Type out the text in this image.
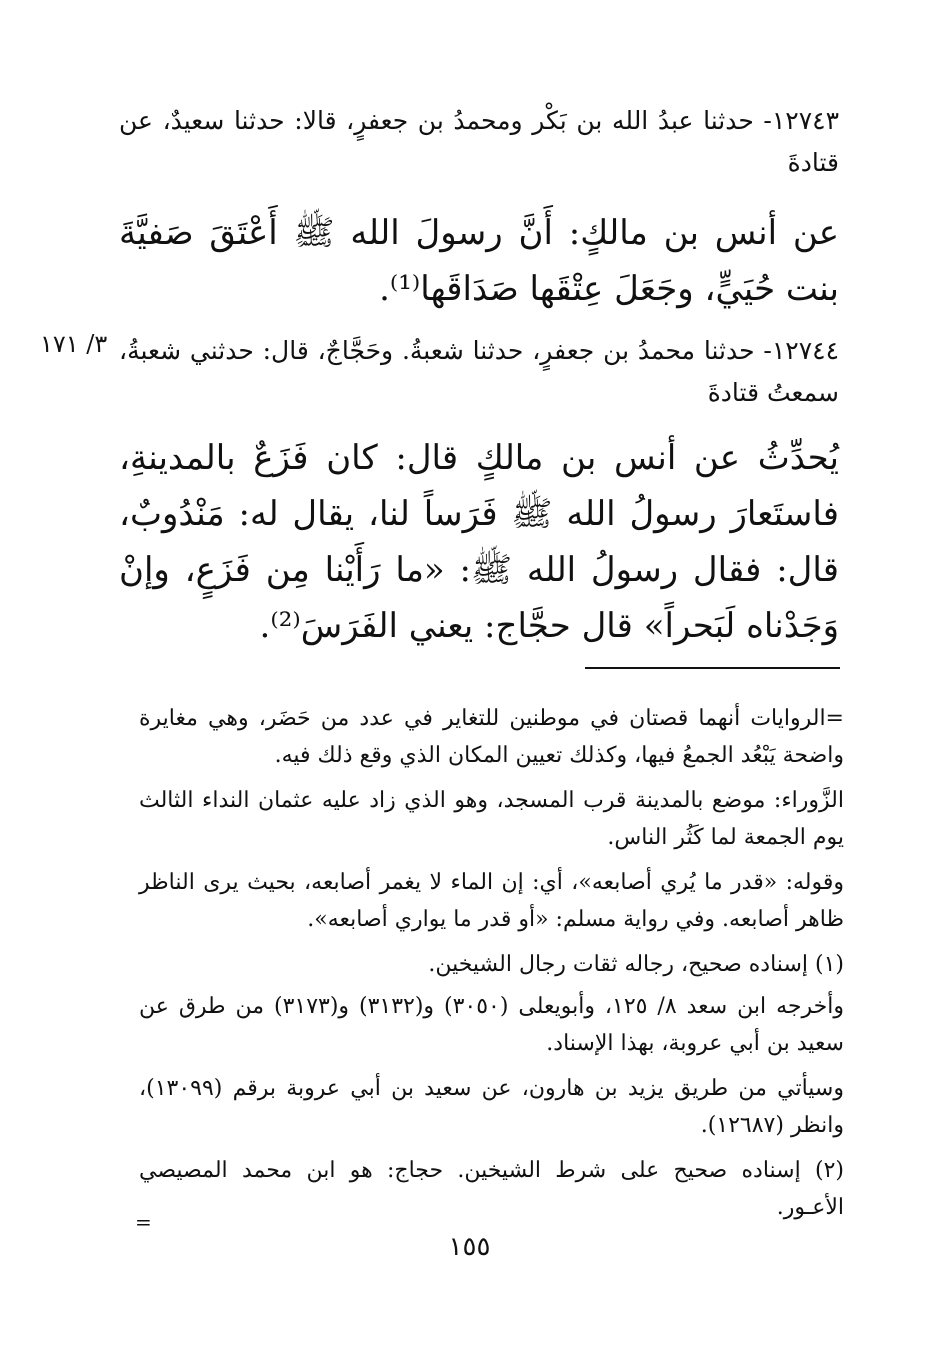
١٢٧٤٣- حدثنا عبدُ الله بن بَكْر ومحمدُ بن جعفرٍ، قالا: حدثنا سعيدٌ، عن قتادةَ
عن أنس بن مالكٍ: أَنَّ رسولَ الله ﷺ أَعْتَقَ صَفيَّةَ بنت حُيَيٍّ، وجَعَلَ عِتْقَها صَدَاقَها⁽¹⁾.
٣/ ١٧١ ١٢٧٤٤- حدثنا محمدُ بن جعفرٍ، حدثنا شعبةُ. وحَجَّاجٌ، قال: حدثني شعبةُ، سمعتُ قتادةَ
يُحدِّثُ عن أنس بن مالكٍ قال: كان فَزَعٌ بالمدينةِ، فاستَعارَ رسولُ الله ﷺ فَرَساً لنا، يقال له: مَنْدُوبٌ، قال: فقال رسولُ الله ﷺ: «ما رَأَيْنا مِن فَزَعٍ، وإنْ وَجَدْناه لَبَحراً» قال حجَّاج: يعني الفَرَسَ⁽²⁾.
=الروايات أنهما قصتان في موطنين للتغاير في عدد من حَضَر، وهي مغايرة واضحة يَبْعُد الجمعُ فيها، وكذلك تعيين المكان الذي وقع ذلك فيه.
الزَّوراء: موضع بالمدينة قرب المسجد، وهو الذي زاد عليه عثمان النداء الثالث يوم الجمعة لما كَثُر الناس.
وقوله: «قدر ما يُري أصابعه»، أي: إن الماء لا يغمر أصابعه، بحيث يرى الناظر ظاهر أصابعه. وفي رواية مسلم: «أو قدر ما يواري أصابعه».
(١) إسناده صحيح، رجاله ثقات رجال الشيخين.
وأخرجه ابن سعد ٨/ ١٢٥، وأبويعلى (٣٠٥٠) و(٣١٣٢) و(٣١٧٣) من طرق عن سعيد بن أبي عروبة، بهذا الإسناد.
وسيأتي من طريق يزيد بن هارون، عن سعيد بن أبي عروبة برقم (١٣٠٩٩)، وانظر (١٢٦٨٧).
(٢) إسناده صحيح على شرط الشيخين. حجاج: هو ابن محمد المصيصي الأعـور.
=
١٥٥
